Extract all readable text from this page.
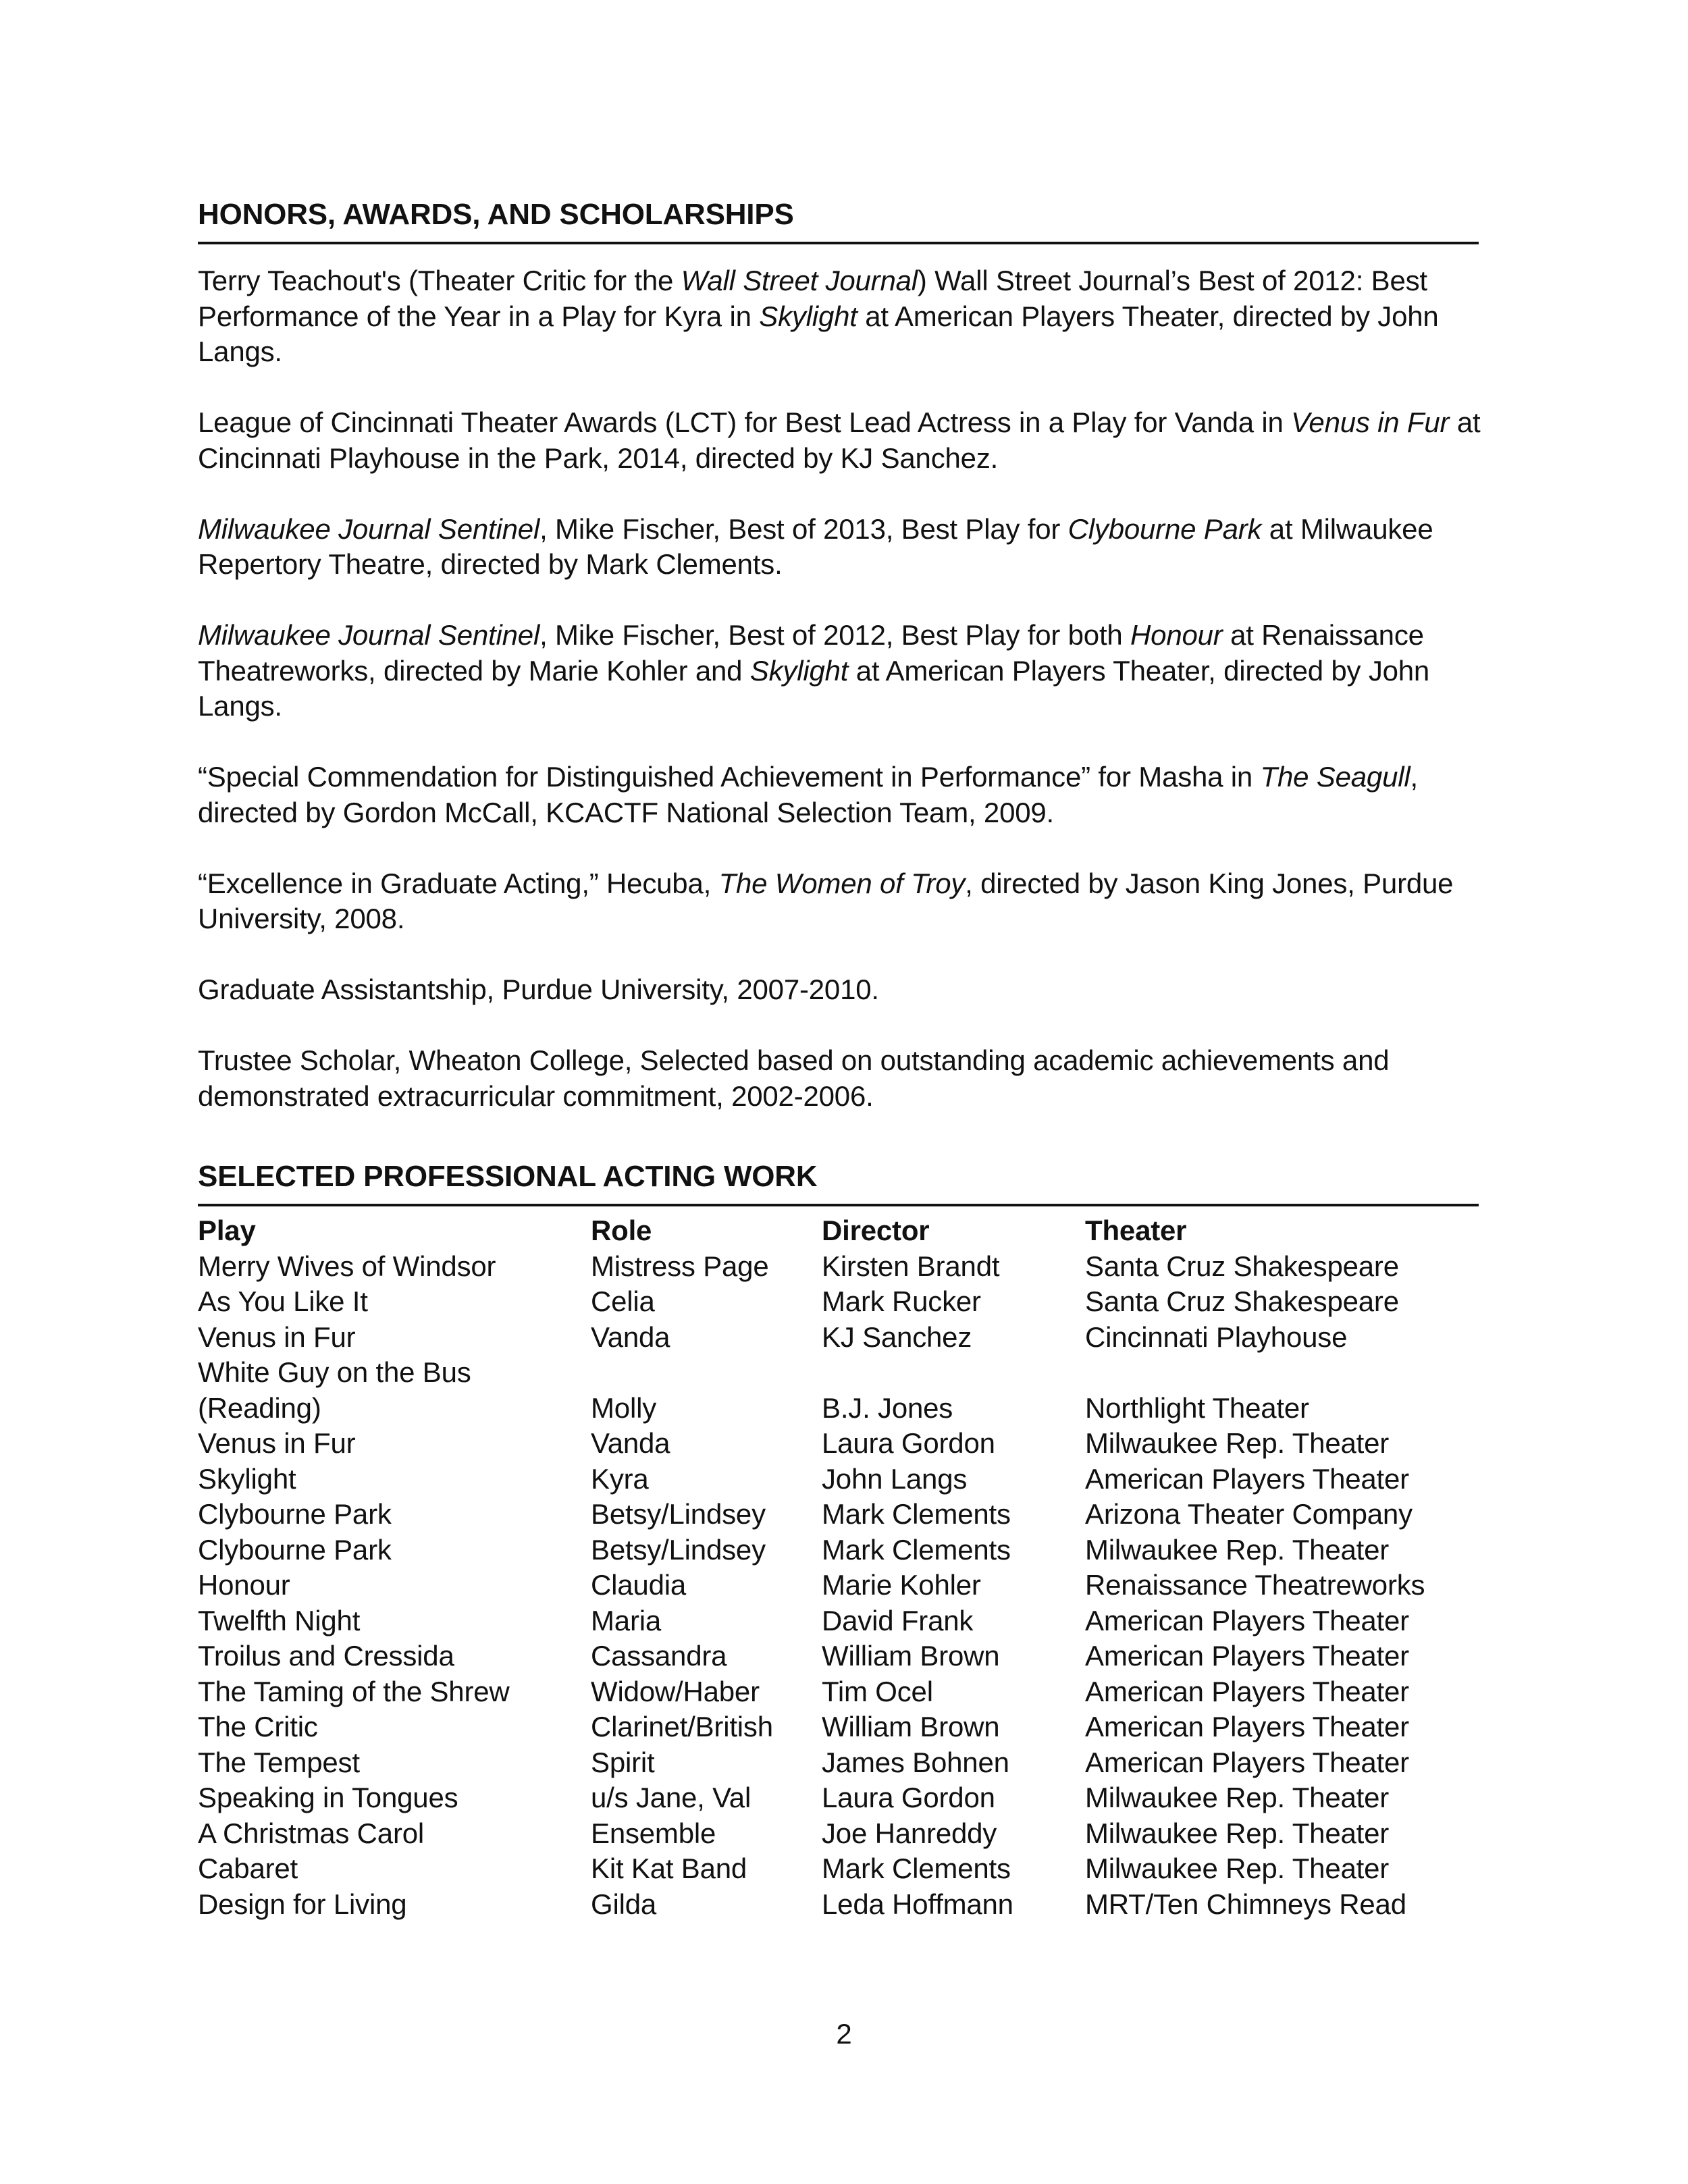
HONORS, AWARDS, AND SCHOLARSHIPS

Terry Teachout's (Theater Critic for the Wall Street Journal) Wall Street Journal’s Best of 2012: Best Performance of the Year in a Play for Kyra in Skylight at American Players Theater, directed by John Langs.

League of Cincinnati Theater Awards (LCT) for Best Lead Actress in a Play for Vanda in Venus in Fur at Cincinnati Playhouse in the Park, 2014, directed by KJ Sanchez.

Milwaukee Journal Sentinel, Mike Fischer, Best of 2013, Best Play for Clybourne Park at Milwaukee Repertory Theatre, directed by Mark Clements.

Milwaukee Journal Sentinel, Mike Fischer, Best of 2012, Best Play for both Honour at Renaissance Theatreworks, directed by Marie Kohler and Skylight at American Players Theater, directed by John Langs.

“Special Commendation for Distinguished Achievement in Performance” for Masha in The Seagull, directed by Gordon McCall, KCACTF National Selection Team, 2009.

“Excellence in Graduate Acting,” Hecuba, The Women of Troy, directed by Jason King Jones, Purdue University, 2008.

Graduate Assistantship, Purdue University, 2007-2010.

Trustee Scholar, Wheaton College, Selected based on outstanding academic achievements and demonstrated extracurricular commitment, 2002-2006.

SELECTED PROFESSIONAL ACTING WORK
Play	Role	Director	Theater
Merry Wives of Windsor	Mistress Page	Kirsten Brandt	Santa Cruz Shakespeare
As You Like It	Celia	Mark Rucker	Santa Cruz Shakespeare
Venus in Fur	Vanda	KJ Sanchez	Cincinnati Playhouse
White Guy on the Bus			
(Reading)	Molly	B.J. Jones	Northlight Theater
Venus in Fur	Vanda	Laura Gordon	Milwaukee Rep. Theater
Skylight	Kyra	John Langs	American Players Theater
Clybourne Park	Betsy/Lindsey	Mark Clements	Arizona Theater Company
Clybourne Park	Betsy/Lindsey	Mark Clements	Milwaukee Rep. Theater
Honour	Claudia	Marie Kohler	Renaissance Theatreworks
Twelfth Night	Maria	David Frank	American Players Theater
Troilus and Cressida	Cassandra	William Brown	American Players Theater
The Taming of the Shrew	Widow/Haber	Tim Ocel	American Players Theater
The Critic	Clarinet/British	William Brown	American Players Theater
The Tempest	Spirit	James Bohnen	American Players Theater
Speaking in Tongues	u/s Jane, Val	Laura Gordon	Milwaukee Rep. Theater
A Christmas Carol	Ensemble	Joe Hanreddy	Milwaukee Rep. Theater
Cabaret	Kit Kat Band	Mark Clements	Milwaukee Rep. Theater
Design for Living	Gilda	Leda Hoffmann	MRT/Ten Chimneys Read
2
